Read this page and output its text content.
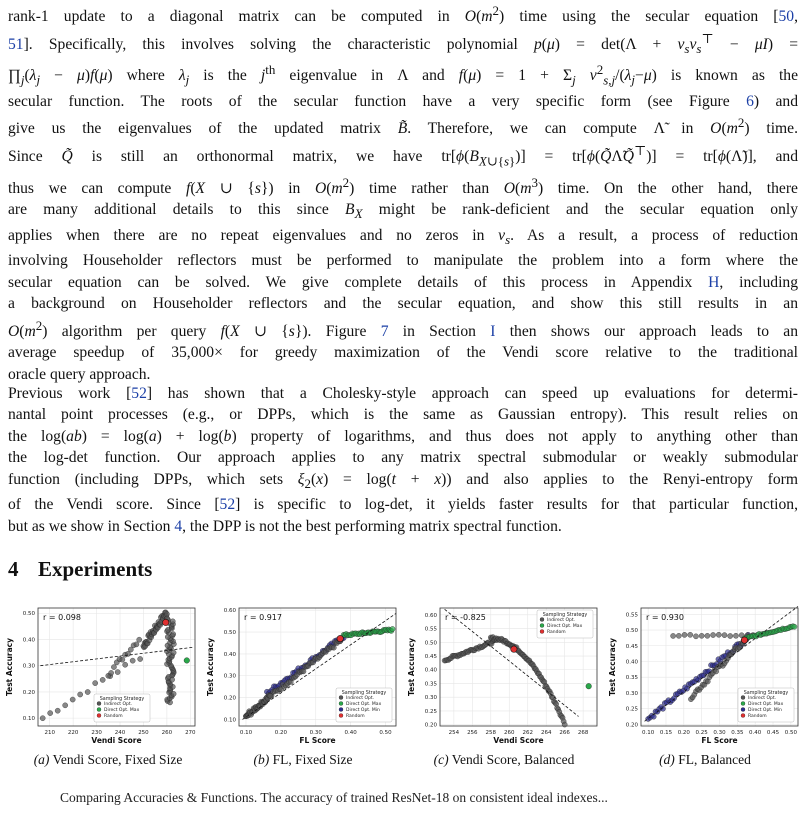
rank-1 update to a diagonal matrix can be computed in $O(m^2)$ time using the secular equation [50,
51]. Specifically, this involves solving the characteristic polynomial $p(\mu) = \det(\Lambda + v_sv_s^⊤ - \mu I)$ =
$\prod_j(\lambda_j - \mu)f(\mu)$ where $\lambda_j$ is the $j^{th}$ eigenvalue in Λ and $f(\mu) = 1 + \Sigma_j$ $v^2_{s,j}/(\lambda_j-\mu)$ is known as the
secular function. The roots of the secular function have a very specific form (see Figure 6) and
give us the eigenvalues of the updated matrix B̃. Therefore, we can compute Λ̃ in $O(m^2)$ time.
Since Q̃ is still an orthonormal matrix, we have $tr[\phi(B_{X\cup\{s\}})]$ = tr[ϕ(Q̃Λ̃Q̃⊤)] = tr[ϕ(Λ̃)], and
thus we can compute f(X ∪ {s}) in $O(m^2)$ time rather than $O(m^3)$ time. On the other hand, there
are many additional details to this since $B_X$ might be rank-deficient and the secular equation only
applies when there are no repeat eigenvalues and no zeros in $v_s$. As a result, a process of reduction
involving Householder reflectors must be performed to manipulate the problem into a form where the
secular equation can be solved. We give complete details of this process in Appendix H, including
a background on Householder reflectors and the secular equation, and show this still results in an
$O(m^2)$ algorithm per query f(X ∪ {s}). Figure 7 in Section I then shows our approach leads to an
average speedup of 35,000× for greedy maximization of the Vendi score relative to the traditional
oracle query approach.

Previous work [52] has shown that a Cholesky-style approach can speed up evaluations for determi-
nantal point processes (e.g., or DPPs, which is the same as Gaussian entropy). This result relies on
the log(ab) = log(a) + log(b) property of logarithms, and thus does not apply to anything other than
the log-det function. Our approach applies to any matrix spectral submodular or weakly submodular
function (including DPPs, which sets $\xi_2(x) = \log(t + x)$) and also applies to the Renyi-entropy form
of the Vendi score. Since [52] is specific to log-det, it yields faster results for that particular function,
but as we show in Section 4, the DPP is not the best performing matrix spectral function.

4 Experiments
0.10
0.20
0.30
0.40
0.50
210 220 230 240 250 260 270
Vendi Score
Test Accuracy
r = 0.098
Sampling Strategy
Indirect Opt.
Direct Opt. Max
Random
0.10
0.20
0.30
0.40
0.50
0.60
0.10	0.20	0.30	0.40	0.50
FL Score
Test Accuracy
r = 0.917
Sampling Strategy
Indirect Opt.
Direct Opt. Max
Direct Opt. Min
Random
0.20
0.25
0.30
0.35
0.40
0.45
0.50
0.55
0.60
254 256 258 260 262 264 266 268
Vendi Score
Test Accuracy
r = -0.825	Sampling Strategy
Indirect Opt.
Direct Opt. Max
Random
0.20
0.25
0.30
0.35
0.40
0.45
0.50
0.55
0.10 0.15 0.20 0.25 0.30 0.35 0.40 0.45 0.50
FL Score
Test Accuracy
r = 0.930
Sampling Strategy
Indirect Opt.
Direct Opt. Max
Direct Opt. Min
Random
(a) Vendi Score, Fixed Size	(b) FL, Fixed Size	(c) Vendi Score, Balanced	(d) FL, Balanced
Comparing Accuracies & Functions. The accuracy of trained ResNet-18 on consistent ideal indexes...
